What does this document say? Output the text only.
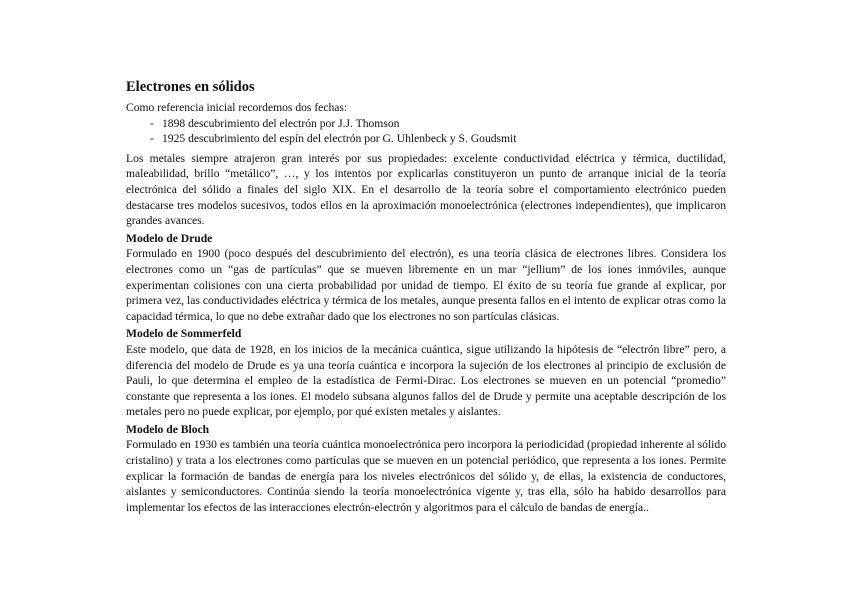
Electrones en sólidos

Como referencia inicial recordemos dos fechas:

- 1898 descubrimiento del electrón por J.J. Thomson
- 1925 descubrimiento del espín del electrón por G. Uhlenbeck y S. Goudsmit

Los metales siempre atrajeron gran interés por sus propiedades: excelente conductividad eléctrica y térmica, ductilidad, maleabilidad, brillo “metálico”, …, y los intentos por explicarlas constituyeron un punto de arranque inicial de la teoría electrónica del sólido a finales del siglo XIX. En el desarrollo de la teoría sobre el comportamiento electrónico pueden destacarse tres modelos sucesivos, todos ellos en la aproximación monoelectrónica (electrones independientes), que implicaron grandes avances.

Modelo de Drude

Formulado en 1900 (poco después del descubrimiento del electrón), es una teoría clásica de electrones libres. Considera los electrones como un “gas de partículas” que se mueven libremente en un mar “jellium” de los iones inmóviles, aunque experimentan colisiones con una cierta probabilidad por unidad de tiempo. El éxito de su teoría fue grande al explicar, por primera vez, las conductividades eléctrica y térmica de los metales, aunque presenta fallos en el intento de explicar otras como la capacidad térmica, lo que no debe extrañar dado que los electrones no son partículas clásicas.

Modelo de Sommerfeld

Este modelo, que data de 1928, en los inicios de la mecánica cuántica, sigue utilizando la hipótesis de “electrón libre” pero, a diferencia del modelo de Drude es ya una teoría cuántica e incorpora la sujeción de los electrones al principio de exclusión de Pauli, lo que determina el empleo de la estadística de Fermi-Dirac. Los electrones se mueven en un potencial “promedio” constante que representa a los iones. El modelo subsana algunos fallos del de Drude y permite una aceptable descripción de los metales pero no puede explicar, por ejemplo, por qué existen metales y aislantes.

Modelo de Bloch

Formulado en 1930 es también una teoría cuántica monoelectrónica pero incorpora la periodicidad (propiedad inherente al sólido cristalino) y trata a los electrones como partículas que se mueven en un potencial periódico, que representa a los iones. Permite explicar la formación de bandas de energía para los niveles electrónicos del sólido y, de ellas, la existencia de conductores, aislantes y semiconductores. Continúa siendo la teoría monoelectrónica vigente y, tras ella, sólo ha habido desarrollos para implementar los efectos de las interacciones electrón-electrón y algoritmos para el cálculo de bandas de energía..
